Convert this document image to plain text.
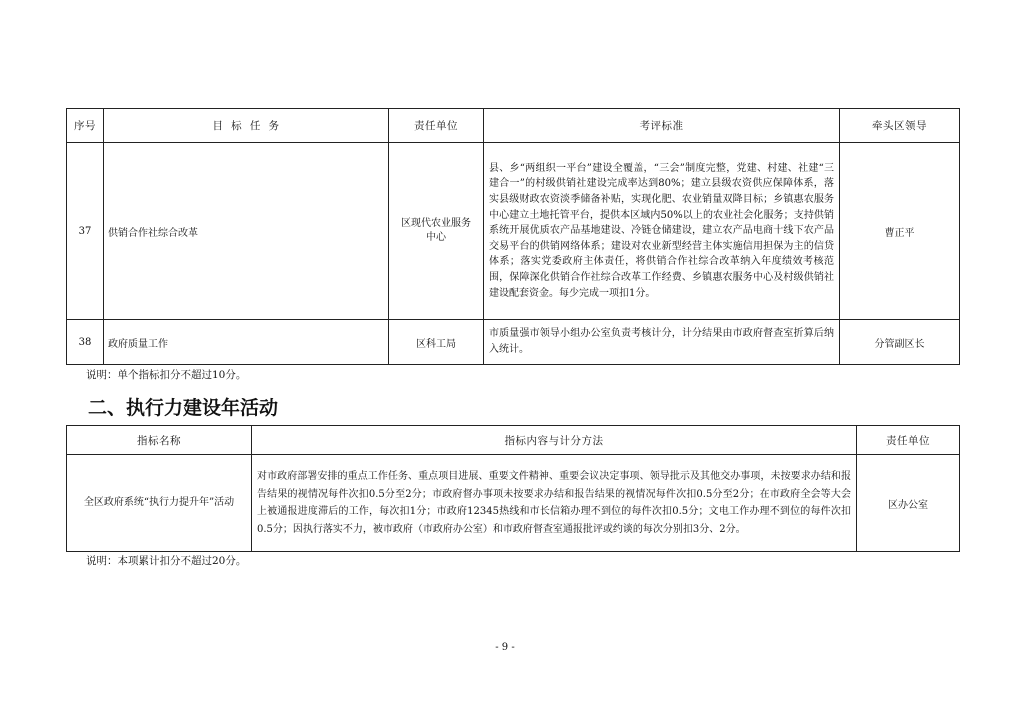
序号	目  标  任  务	责任单位	考评标准	牵头区领导
37	供销合作社综合改革	区现代农业服务中心	县、乡“两组织一平台”建设全覆盖，“三会”制度完整，党建、村建、社建“三建合一”的村级供销社建设完成率达到80%；建立县级农资供应保障体系，落实县级财政农资淡季储备补贴，实现化肥、农业销量双降目标；乡镇惠农服务中心建立土地托管平台，提供本区域内50%以上的农业社会化服务；支持供销系统开展优质农产品基地建设、冷链仓储建设，建立农产品电商十线下农产品交易平台的供销网络体系；建设对农业新型经营主体实施信用担保为主的信贷体系；落实党委政府主体责任，将供销合作社综合改革纳入年度绩效考核范围，保障深化供销合作社综合改革工作经费、乡镇惠农服务中心及村级供销社建设配套资金。每少完成一项扣1分。	曹正平
38	政府质量工作	区科工局	市质量强市领导小组办公室负责考核计分，计分结果由市政府督查室折算后纳入统计。	分管副区长
说明：单个指标扣分不超过10分。
二、执行力建设年活动
指标名称	指标内容与计分方法	责任单位
全区政府系统“执行力提升年”活动	对市政府部署安排的重点工作任务、重点项目进展、重要文件精神、重要会议决定事项、领导批示及其他交办事项，未按要求办结和报告结果的视情况每件次扣0.5分至2分；市政府督办事项未按要求办结和报告结果的视情况每件次扣0.5分至2分；在市政府全会等大会上被通报进度滞后的工作，每次扣1分；市政府12345热线和市长信箱办理不到位的每件次扣0.5分；文电工作办理不到位的每件次扣0.5分；因执行落实不力，被市政府（市政府办公室）和市政府督查室通报批评或约谈的每次分别扣3分、2分。	区办公室
说明：本项累计扣分不超过20分。
- 9 -
